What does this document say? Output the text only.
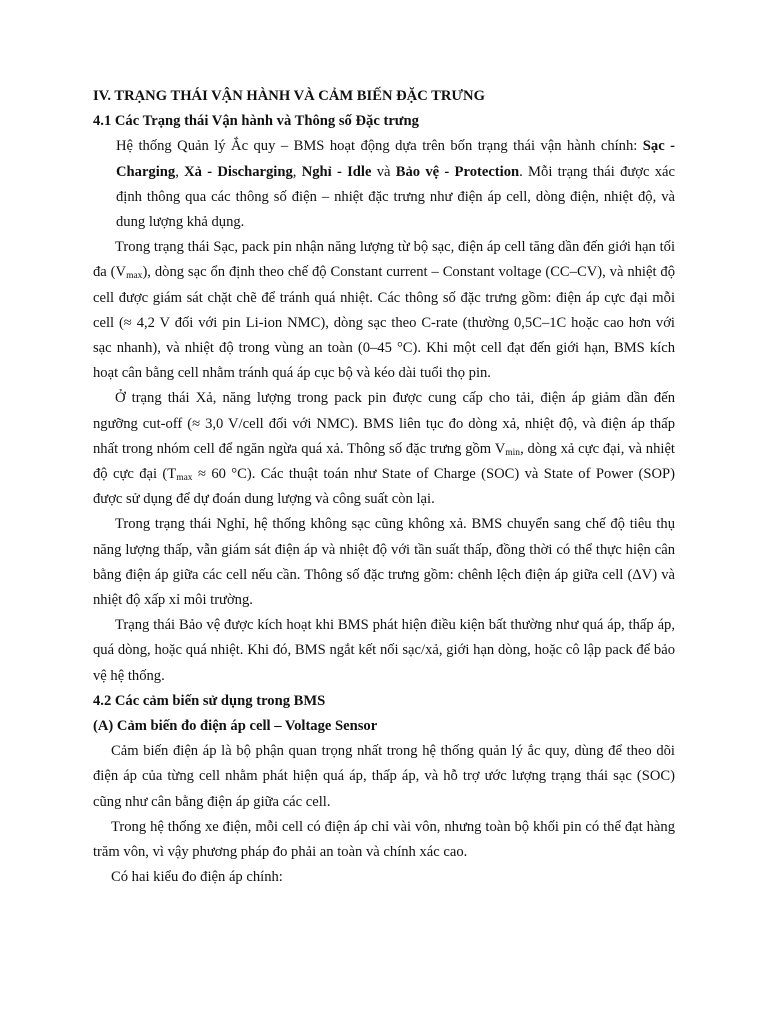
IV. TRẠNG THÁI VẬN HÀNH VÀ CẢM BIẾN ĐẶC TRƯNG

4.1 Các Trạng thái Vận hành và Thông số Đặc trưng

Hệ thống Quản lý Ắc quy – BMS hoạt động dựa trên bốn trạng thái vận hành chính: Sạc - Charging, Xả - Discharging, Nghỉ - Idle và Bảo vệ - Protection. Mỗi trạng thái được xác định thông qua các thông số điện – nhiệt đặc trưng như điện áp cell, dòng điện, nhiệt độ, và dung lượng khả dụng.

Trong trạng thái Sạc, pack pin nhận năng lượng từ bộ sạc, điện áp cell tăng dần đến giới hạn tối đa $(V_{max})$, dòng sạc ổn định theo chế độ Constant current – Constant voltage (CC–CV), và nhiệt độ cell được giám sát chặt chẽ để tránh quá nhiệt. Các thông số đặc trưng gồm: điện áp cực đại mỗi cell (≈ 4,2 V đối với pin Li-ion NMC), dòng sạc theo C-rate (thường 0,5C–1C hoặc cao hơn với sạc nhanh), và nhiệt độ trong vùng an toàn (0–45 °C). Khi một cell đạt đến giới hạn, BMS kích hoạt cân bằng cell nhằm tránh quá áp cục bộ và kéo dài tuổi thọ pin.

Ở trạng thái Xả, năng lượng trong pack pin được cung cấp cho tải, điện áp giảm dần đến ngưỡng cut-off (≈ 3,0 V/cell đối với NMC). BMS liên tục đo dòng xả, nhiệt độ, và điện áp thấp nhất trong nhóm cell để ngăn ngừa quá xả. Thông số đặc trưng gồm $V_{min}$, dòng xả cực đại, và nhiệt độ cực đại ($T_{max} \approx 60$ °C). Các thuật toán như State of Charge (SOC) và State of Power (SOP) được sử dụng để dự đoán dung lượng và công suất còn lại.

Trong trạng thái Nghỉ, hệ thống không sạc cũng không xả. BMS chuyển sang chế độ tiêu thụ năng lượng thấp, vẫn giám sát điện áp và nhiệt độ với tần suất thấp, đồng thời có thể thực hiện cân bằng điện áp giữa các cell nếu cần. Thông số đặc trưng gồm: chênh lệch điện áp giữa cell (ΔV) và nhiệt độ xấp xỉ môi trường.

Trạng thái Bảo vệ được kích hoạt khi BMS phát hiện điều kiện bất thường như quá áp, thấp áp, quá dòng, hoặc quá nhiệt. Khi đó, BMS ngắt kết nối sạc/xả, giới hạn dòng, hoặc cô lập pack để bảo vệ hệ thống.

4.2 Các cảm biến sử dụng trong BMS

(A) Cảm biến đo điện áp cell – Voltage Sensor

Cảm biến điện áp là bộ phận quan trọng nhất trong hệ thống quản lý ắc quy, dùng để theo dõi điện áp của từng cell nhằm phát hiện quá áp, thấp áp, và hỗ trợ ước lượng trạng thái sạc (SOC) cũng như cân bằng điện áp giữa các cell.

Trong hệ thống xe điện, mỗi cell có điện áp chỉ vài vôn, nhưng toàn bộ khối pin có thể đạt hàng trăm vôn, vì vậy phương pháp đo phải an toàn và chính xác cao.

Có hai kiểu đo điện áp chính:
